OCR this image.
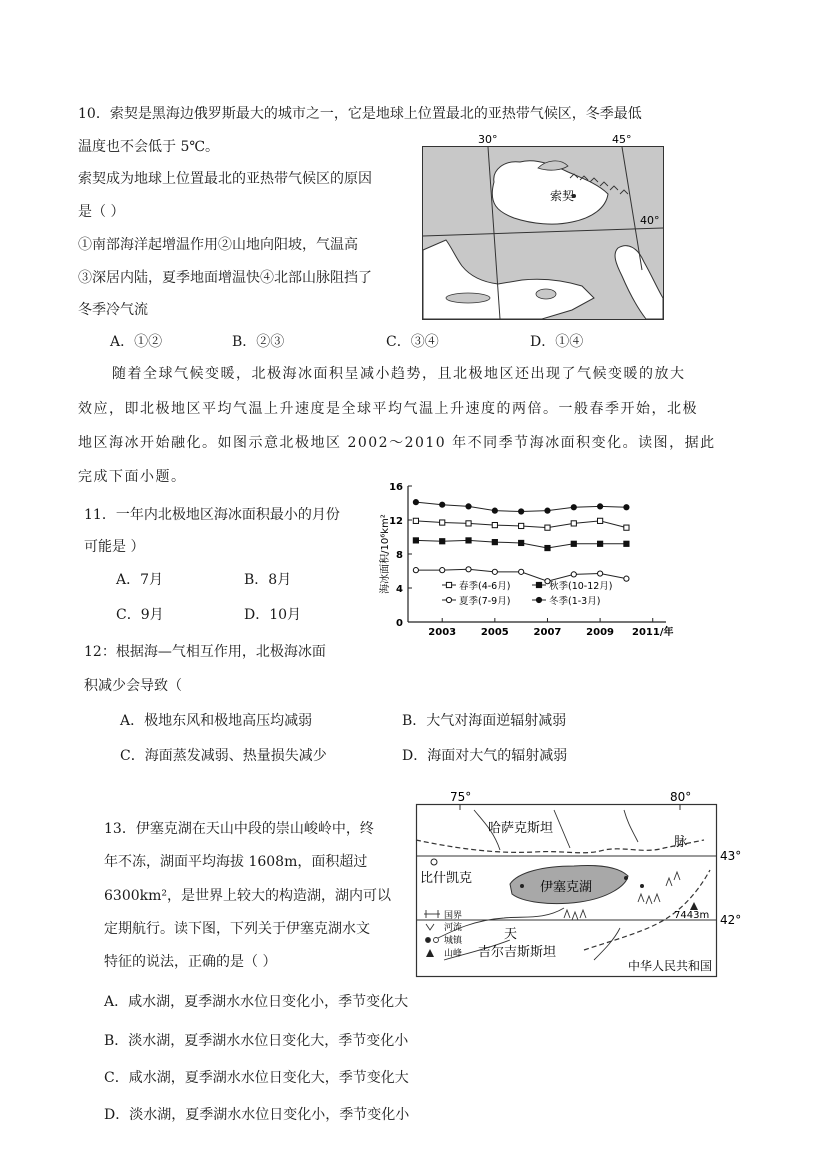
10．索契是黑海边俄罗斯最大的城市之一，它是地球上位置最北的亚热带气候区，冬季最低
温度也不会低于 5℃。
索契成为地球上位置最北的亚热带气候区的原因
是（ ）
①南部海洋起增温作用②山地向阳坡，气温高
③深居内陆，夏季地面增温快④北部山脉阻挡了
冬季冷气流
A．①②	B．②③	C．③④	D．①④
30°	45°
40°
索契
随着全球气候变暖，北极海冰面积呈减小趋势，且北极地区还出现了气候变暖的放大
效应，即北极地区平均气温上升速度是全球平均气温上升速度的两倍。一般春季开始，北极
地区海冰开始融化。如图示意北极地区 2002～2010 年不同季节海冰面积变化。读图，据此
完成下面小题。
11．一年内北极地区海冰面积最小的月份
可能是 ）
A．7月	B．8月
C．9月	D．10月
0
4
8
12
16
2003 2005 2007 2009 2011/年
海冰面积/10⁶km²	春季(4-6月)	秋季(10-12月)
夏季(7-9月)	冬季(1-3月)
12：根据海—气相互作用，北极海冰面
积减少会导致（
A．极地东风和极地高压均减弱	B．大气对海面逆辐射减弱
C．海面蒸发减弱、热量损失减少	D．海面对大气的辐射减弱
13．伊塞克湖在天山中段的崇山峻岭中，终
年不冻，湖面平均海拔 1608m，面积超过
6300km²，是世界上较大的构造湖，湖内可以
定期航行。读下图，下列关于伊塞克湖水文
特征的说法，正确的是（ ）
A．咸水湖，夏季湖水水位日变化小，季节变化大
B．淡水湖，夏季湖水水位日变化大，季节变化小
C．咸水湖，夏季湖水水位日变化大，季节变化大
D．淡水湖，夏季湖水水位日变化小，季节变化小
国界
河流
城镇
山峰
75°	80°
43°
42°
哈萨克斯坦
比什凯克
伊塞克湖
脉
天
吉尔吉斯斯坦
中华人民共和国
7443m
